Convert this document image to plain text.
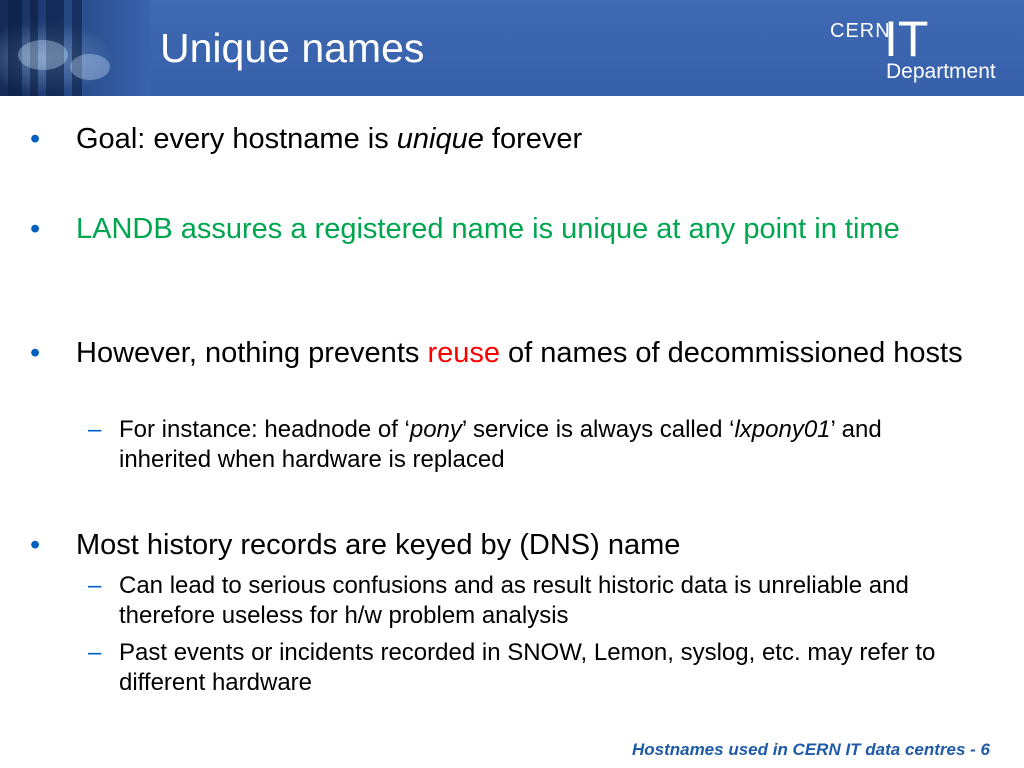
Unique names	CERN
IT
Department
• Goal: every hostname is unique forever
• LANDB assures a registered name is unique at any point in time
• However, nothing prevents reuse of names of decommissioned hosts
– For instance: headnode of ‘pony’ service is always called ‘lxpony01’ and inherited when hardware is replaced
• Most history records are keyed by (DNS) name
– Can lead to serious confusions and as result historic data is unreliable and therefore useless for h/w problem analysis
– Past events or incidents recorded in SNOW, Lemon, syslog, etc. may refer to different hardware
Hostnames used in CERN IT data centres - 6
